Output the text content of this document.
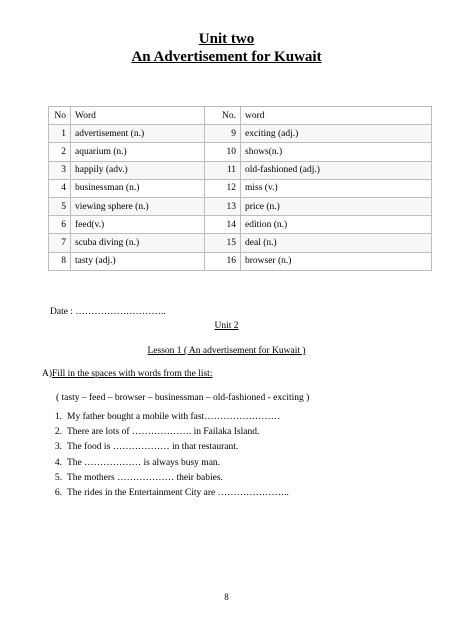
Unit two
An Advertisement for Kuwait
No	Word	No.	word
1	advertisement (n.)	9	exciting (adj.)
2	aquarium (n.)	10	shows(n.)
3	happily (adv.)	11	old-fashioned (adj.)
4	businessman (n.)	12	miss (v.)
5	viewing sphere (n.)	13	price (n.)
6	feed(v.)	14	edition (n.)
7	scuba diving (n.)	15	deal (n.)
8	tasty (adj.)	16	browser (n.)
Date : ………………………..
Unit 2
Lesson 1 ( An advertisement for Kuwait )
A)Fill in the spaces with words from the list:
( tasty – feed – browser – businessman – old-fashioned - exciting )
1. My father bought a mobile with fast……………………
2. There are lots of ………………. in Failaka Island.
3. The food is ……………… in that restaurant.
4. The ……………… is always busy man.
5. The mothers ……………… their babies.
6. The rides in the Entertainment City are …………………..
8
